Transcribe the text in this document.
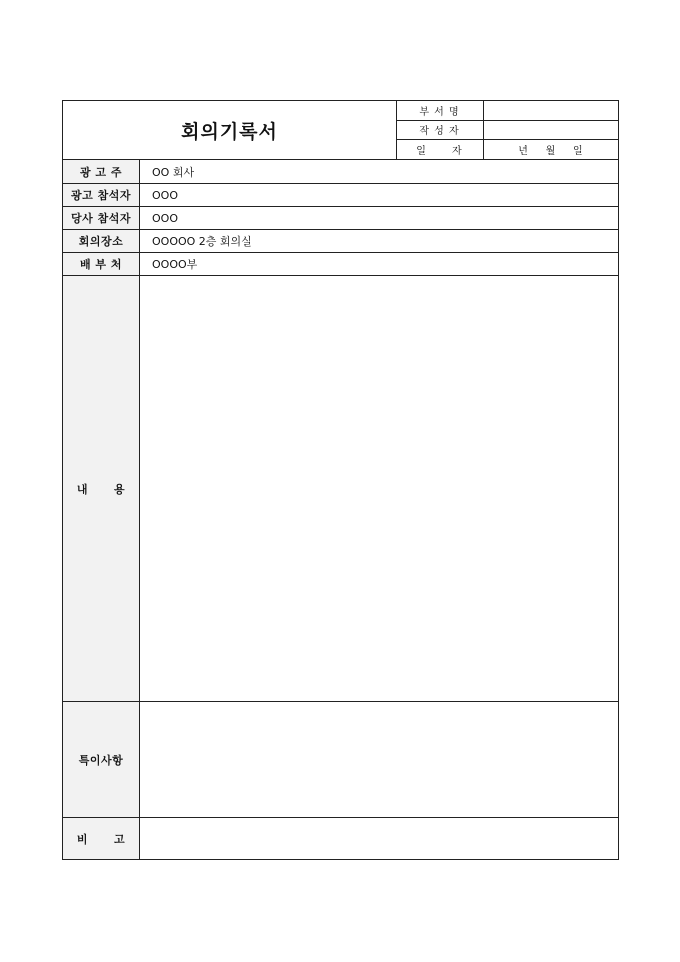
회의기록서
부 서 명
작 성 자
일      자	년    월    일
광 고 주	OO 회사
광고 참석자	OOO
당사 참석자	OOO
회의장소	OOOOO 2층 회의실
배 부 처	OOOO부
내      용
특이사항
비      고
